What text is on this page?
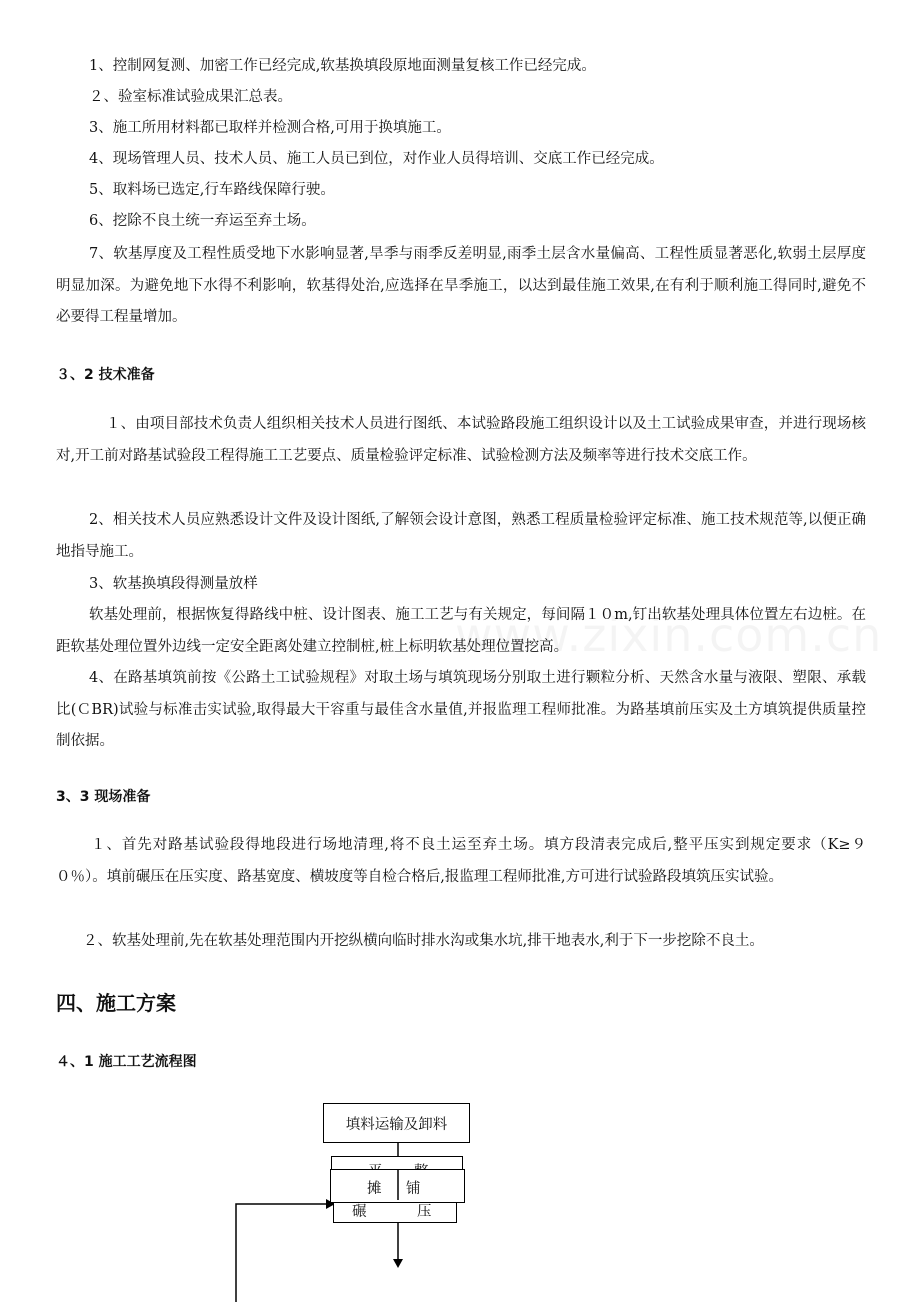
1、控制网复测、加密工作已经完成,软基换填段原地面测量复核工作已经完成。
２、验室标准试验成果汇总表。
3、施工所用材料都已取样并检测合格,可用于换填施工。
4、现场管理人员、技术人员、施工人员已到位，对作业人员得培训、交底工作已经完成。
5、取料场已选定,行车路线保障行驶。
6、挖除不良土统一弃运至弃土场。
7、软基厚度及工程性质受地下水影响显著,旱季与雨季反差明显,雨季土层含水量偏高、工程性质显著恶化,软弱土层厚度明显加深。为避免地下水得不利影响，软基得处治,应选择在旱季施工，以达到最佳施工效果,在有利于顺利施工得同时,避免不必要得工程量增加。
３、2 技术准备
１、由项目部技术负责人组织相关技术人员进行图纸、本试验路段施工组织设计以及土工试验成果审查，并进行现场核对,开工前对路基试验段工程得施工工艺要点、质量检验评定标准、试验检测方法及频率等进行技术交底工作。
2、相关技术人员应熟悉设计文件及设计图纸,了解领会设计意图，熟悉工程质量检验评定标准、施工技术规范等,以便正确地指导施工。
3、软基换填段得测量放样
软基处理前，根据恢复得路线中桩、设计图表、施工工艺与有关规定，每间隔１０m,钉出软基处理具体位置左右边桩。在距软基处理位置外边线一定安全距离处建立控制桩,桩上标明软基处理位置挖高。
4、在路基填筑前按《公路土工试验规程》对取土场与填筑现场分别取土进行颗粒分析、天然含水量与液限、塑限、承载比(ＣBR)试验与标准击实试验,取得最大干容重与最佳含水量值,并报监理工程师批准。为路基填前压实及土方填筑提供质量控制依据。
3、3 现场准备
１、首先对路基试验段得地段进行场地清理,将不良土运至弃土场。填方段清表完成后,整平压实到规定要求（K≥９０％）。填前碾压在压实度、路基宽度、横坡度等自检合格后,报监理工程师批准,方可进行试验路段填筑压实试验。
２、软基处理前,先在软基处理范围内开挖纵横向临时排水沟或集水坑,排干地表水,利于下一步挖除不良土。
四、施工方案
４、1 施工工艺流程图
填料运输及卸料
碾	压
摊 铺
